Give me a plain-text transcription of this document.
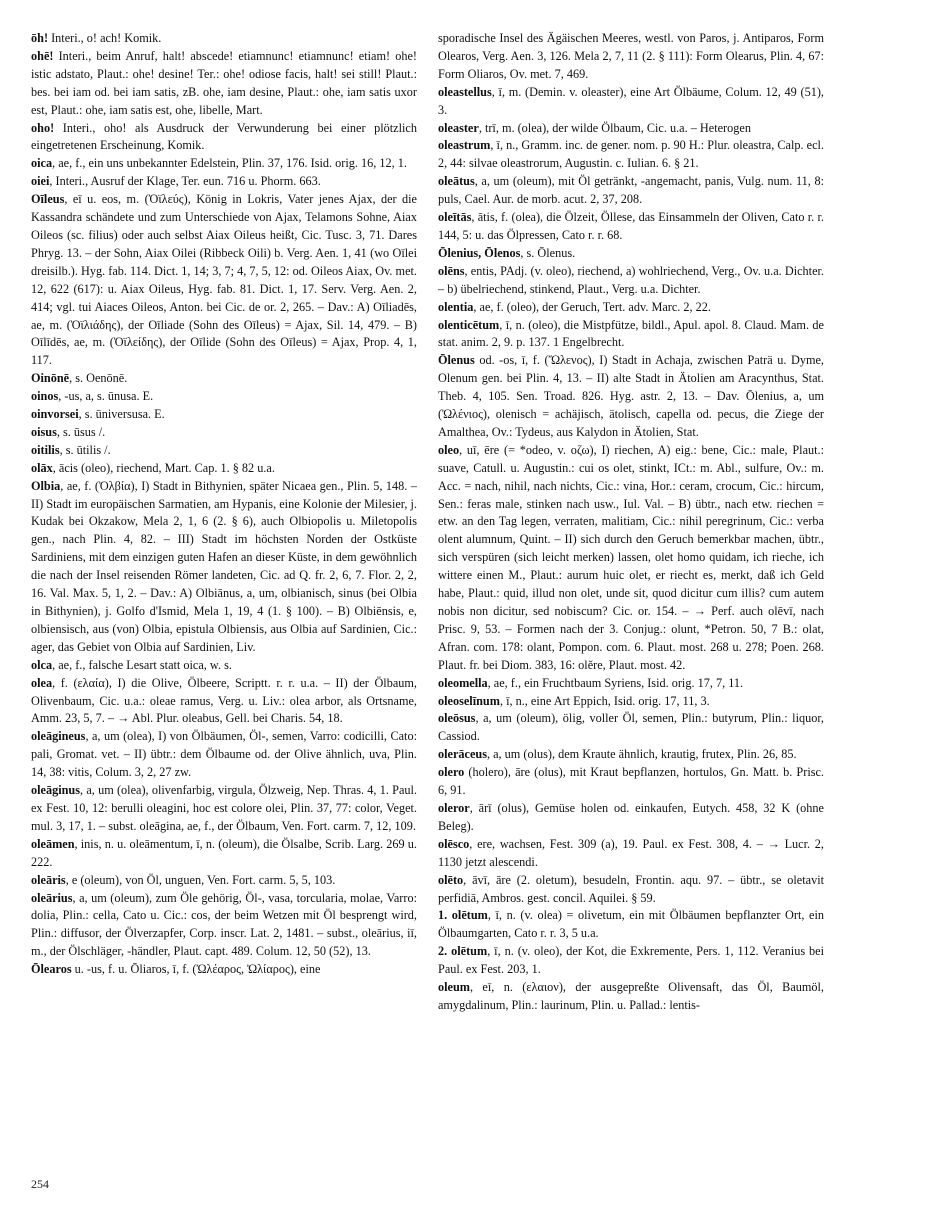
ōh! Interi., o! ach! Komik.

ohē! Interi., beim Anruf, halt! abscede! etiamnunc! etiamnunc! etiam! ohe! istic adstato, Plaut.: ohe! desine! Ter.: ohe! odiose facis, halt! sei still! Plaut.: bes. bei iam od. bei iam satis, zB. ohe, iam desine, Plaut.: ohe, iam satis uxor est, Plaut.: ohe, iam satis est, ohe, libelle, Mart.

oho! Interi., oho! als Ausdruck der Verwunderung bei einer plötzlich eingetretenen Erscheinung, Komik.

oica, ae, f., ein uns unbekannter Edelstein, Plin. 37, 176. Isid. orig. 16, 12, 1.

oiei, Interi., Ausruf der Klage, Ter. eun. 716 u. Phorm. 663.

Oīleus, eī u. eos, m. (Ὀϊλεύς), König in Lokris, Vater jenes Ajax, der die Kassandra schändete und zum Unterschiede von Ajax, Telamons Sohne, Aiax Oileos (sc. filius) oder auch selbst Aiax Oileus heißt, Cic. Tusc. 3, 71. Dares Phryg. 13. – der Sohn, Aiax Oilei (Ribbeck Oili) b. Verg. Aen. 1, 41 (wo Oīlei dreisilb.). Hyg. fab. 114. Dict. 1, 14; 3, 7; 4, 7, 5, 12: od. Oileos Aiax, Ov. met. 12, 622 (617): u. Aiax Oileus, Hyg. fab. 81. Dict. 1, 17. Serv. Verg. Aen. 2, 414; vgl. tui Aiaces Oileos, Anton. bei Cic. de or. 2, 265. – Dav.: A) Oīliadēs, ae, m. (Ὀϊλιάδης), der Oīliade (Sohn des Oīleus) = Ajax, Sil. 14, 479. – B) Oīlīdēs, ae, m. (Ὀϊλείδης), der Oīlide (Sohn des Oīleus) = Ajax, Prop. 4, 1, 117.

Oinōnē, s. Oenōnē.

oinos, -us, a, s. ūnusa. E.

oinvorsei, s. ūniversusa. E.

oisus, s. ūsus /.

oitilis, s. ūtilis /.

olāx, ācis (oleo), riechend, Mart. Cap. 1. § 82 u.a.

Olbia, ae, f. (Ὀλβία), I) Stadt in Bithynien, später Nicaea gen., Plin. 5, 148. – II) Stadt im europäischen Sarmatien, am Hypanis, eine Kolonie der Milesier, j. Kudak bei Okzakow, Mela 2, 1, 6 (2. § 6), auch Olbiopolis u. Miletopolis gen., nach Plin. 4, 82. – III) Stadt im höchsten Norden der Ostküste Sardiniens, mit dem einzigen guten Hafen an dieser Küste, in dem gewöhnlich die nach der Insel reisenden Römer landeten, Cic. ad Q. fr. 2, 6, 7. Flor. 2, 2, 16. Val. Max. 5, 1, 2. – Dav.: A) Olbiānus, a, um, olbianisch, sinus (bei Olbia in Bithynien), j. Golfo d'Ismid, Mela 1, 19, 4 (1. § 100). – B) Olbiēnsis, e, olbiensisch, aus (von) Olbia, epistula Olbiensis, aus Olbia auf Sardinien, Cic.: ager, das Gebiet von Olbia auf Sardinien, Liv.

olca, ae, f., falsche Lesart statt oica, w. s.

olea, f. (ελαία), I) die Olive, Ölbeere, Scriptt. r. r. u.a. – II) der Ölbaum, Olivenbaum, Cic. u.a.: oleae ramus, Verg. u. Liv.: olea arbor, als Ortsname, Amm. 23, 5, 7. – → Abl. Plur. oleabus, Gell. bei Charis. 54, 18.

oleāgineus, a, um (olea), I) von Ölbäumen, Öl-, semen, Varro: codicilli, Cato: pali, Gromat. vet. – II) übtr.: dem Ölbaume od. der Olive ähnlich, uva, Plin. 14, 38: vitis, Colum. 3, 2, 27 zw.

oleāginus, a, um (olea), olivenfarbig, virgula, Ölzweig, Nep. Thras. 4, 1. Paul. ex Fest. 10, 12: berulli oleagini, hoc est colore olei, Plin. 37, 77: color, Veget. mul. 3, 17, 1. – subst. oleāgina, ae, f., der Ölbaum, Ven. Fort. carm. 7, 12, 109.

oleāmen, inis, n. u. oleāmentum, ī, n. (oleum), die Ölsalbe, Scrib. Larg. 269 u. 222.

oleāris, e (oleum), von Öl, unguen, Ven. Fort. carm. 5, 5, 103.

oleārius, a, um (oleum), zum Öle gehörig, Öl-, vasa, torcularia, molae, Varro: dolia, Plin.: cella, Cato u. Cic.: cos, der beim Wetzen mit Öl besprengt wird, Plin.: diffusor, der Ölverzapfer, Corp. inscr. Lat. 2, 1481. – subst., oleārius, iī, m., der Ölschläger, -händler, Plaut. capt. 489. Colum. 12, 50 (52), 13.

Ōlearos u. -us, f. u. Ōliaros, ī, f. (Ὠλέαρος, Ὠλίαρος), eine

sporadische Insel des Ägäischen Meeres, westl. von Paros, j. Antiparos, Form Olearos, Verg. Aen. 3, 126. Mela 2, 7, 11 (2. § 111): Form Olearus, Plin. 4, 67: Form Oliaros, Ov. met. 7, 469.

oleastellus, ī, m. (Demin. v. oleaster), eine Art Ölbäume, Colum. 12, 49 (51), 3.

oleaster, trī, m. (olea), der wilde Ölbaum, Cic. u.a. – Heterogen

oleastrum, ī, n., Gramm. inc. de gener. nom. p. 90 H.: Plur. oleastra, Calp. ecl. 2, 44: silvae oleastrorum, Augustin. c. Iulian. 6. § 21.

oleātus, a, um (oleum), mit Öl getränkt, -angemacht, panis, Vulg. num. 11, 8: puls, Cael. Aur. de morb. acut. 2, 37, 208.

oleītās, ātis, f. (olea), die Ölzeit, Öllese, das Einsammeln der Oliven, Cato r. r. 144, 5: u. das Ölpressen, Cato r. r. 68.

Ōlenius, Ōlenos, s. Ōlenus.

olēns, entis, PAdj. (v. oleo), riechend, a) wohlriechend, Verg., Ov. u.a. Dichter. – b) übelriechend, stinkend, Plaut., Verg. u.a. Dichter.

olentia, ae, f. (oleo), der Geruch, Tert. adv. Marc. 2, 22.

olenticētum, ī, n. (oleo), die Mistpfütze, bildl., Apul. apol. 8. Claud. Mam. de stat. anim. 2, 9. p. 137. 1 Engelbrecht.

Ōlenus od. -os, ī, f. (Ὤλενος), I) Stadt in Achaja, zwischen Paträ u. Dyme, Olenum gen. bei Plin. 4, 13. – II) alte Stadt in Ätolien am Aracynthus, Stat. Theb. 4, 105. Sen. Troad. 826. Hyg. astr. 2, 13. – Dav. Ōlenius, a, um (Ὠλένιος), olenisch = achäjisch, ätolisch, capella od. pecus, die Ziege der Amalthea, Ov.: Tydeus, aus Kalydon in Ätolien, Stat.

oleo, uī, ēre (= *odeo, v. οζω), I) riechen, A) eig.: bene, Cic.: male, Plaut.: suave, Catull. u. Augustin.: cui os olet, stinkt, ICt.: m. Abl., sulfure, Ov.: m. Acc. = nach, nihil, nach nichts, Cic.: vina, Hor.: ceram, crocum, Cic.: hircum, Sen.: feras male, stinken nach usw., Iul. Val. – B) übtr., nach etw. riechen = etw. an den Tag legen, verraten, malitiam, Cic.: nihil peregrinum, Cic.: verba olent alumnum, Quint. – II) sich durch den Geruch bemerkbar machen, übtr., sich verspüren (sich leicht merken) lassen, olet homo quidam, ich rieche, ich wittere einen M., Plaut.: aurum huic olet, er riecht es, merkt, daß ich Geld habe, Plaut.: quid, illud non olet, unde sit, quod dicitur cum illis? cum autem nobis non dicitur, sed nobiscum? Cic. or. 154. – → Perf. auch olēvī, nach Prisc. 9, 53. – Formen nach der 3. Conjug.: olunt, *Petron. 50, 7 B.: olat, Afran. com. 178: olant, Pompon. com. 6. Plaut. most. 268 u. 278; Poen. 268. Plaut. fr. bei Diom. 383, 16: olěre, Plaut. most. 42.

oleomella, ae, f., ein Fruchtbaum Syriens, Isid. orig. 17, 7, 11.

oleoselīnum, ī, n., eine Art Eppich, Isid. orig. 17, 11, 3.

oleōsus, a, um (oleum), ölig, voller Öl, semen, Plin.: butyrum, Plin.: liquor, Cassiod.

olerāceus, a, um (olus), dem Kraute ähnlich, krautig, frutex, Plin. 26, 85.

olero (holero), āre (olus), mit Kraut bepflanzen, hortulos, Gn. Matt. b. Prisc. 6, 91.

oleror, ārī (olus), Gemüse holen od. einkaufen, Eutych. 458, 32 K (ohne Beleg).

olēsco, ere, wachsen, Fest. 309 (a), 19. Paul. ex Fest. 308, 4. – → Lucr. 2, 1130 jetzt alescendi.

olēto, āvī, āre (2. oletum), besudeln, Frontin. aqu. 97. – übtr., se oletavit perfidiā, Ambros. gest. concil. Aquilei. § 59.

1. olētum, ī, n. (v. olea) = olivetum, ein mit Ölbäumen bepflanzter Ort, ein Ölbaumgarten, Cato r. r. 3, 5 u.a.

2. olētum, ī, n. (v. oleo), der Kot, die Exkremente, Pers. 1, 112. Veranius bei Paul. ex Fest. 203, 1.

oleum, eī, n. (ελαιον), der ausgepreßte Olivensaft, das Öl, Baumöl, amygdalinum, Plin.: laurinum, Plin. u. Pallad.: lentis-

254
